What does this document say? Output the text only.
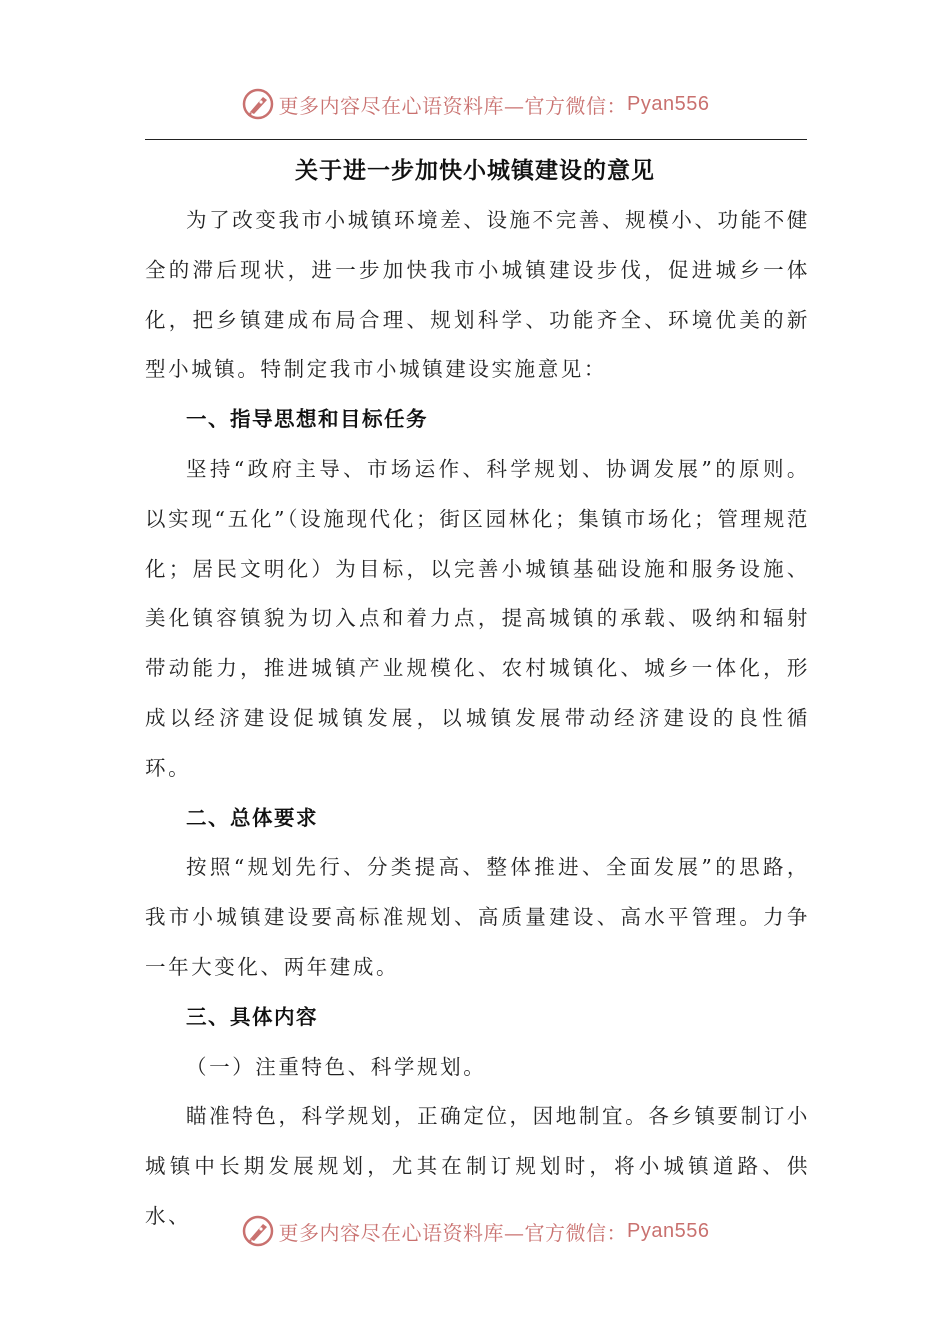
更多内容尽在心语资料库—官方微信： Pyan556
关于进一步加快小城镇建设的意见

为了改变我市小城镇环境差、设施不完善、规模小、功能不健全的滞后现状，进一步加快我市小城镇建设步伐，促进城乡一体化，把乡镇建成布局合理、规划科学、功能齐全、环境优美的新型小城镇。特制定我市小城镇建设实施意见：

一、指导思想和目标任务

坚持“政府主导、市场运作、科学规划、协调发展”的原则。以实现“五化”（设施现代化；街区园林化；集镇市场化；管理规范化；居民文明化）为目标，以完善小城镇基础设施和服务设施、美化镇容镇貌为切入点和着力点，提高城镇的承载、吸纳和辐射带动能力，推进城镇产业规模化、农村城镇化、城乡一体化，形成以经济建设促城镇发展，以城镇发展带动经济建设的良性循环。

二、总体要求

按照“规划先行、分类提高、整体推进、全面发展”的思路，我市小城镇建设要高标准规划、高质量建设、高水平管理。力争一年大变化、两年建成。

三、具体内容

（一）注重特色、科学规划。

瞄准特色，科学规划，正确定位，因地制宜。各乡镇要制订小城镇中长期发展规划，尤其在制订规划时，将小城镇道路、供水、

更多内容尽在心语资料库—官方微信： Pyan556
